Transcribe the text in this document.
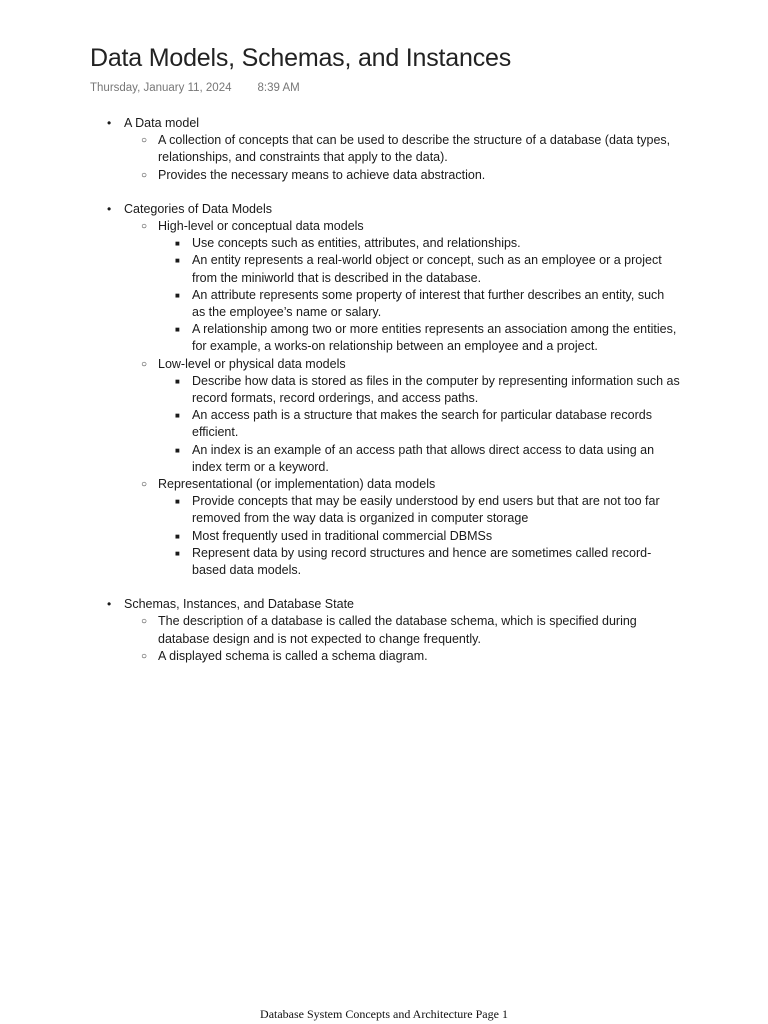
Data Models, Schemas, and Instances
Thursday, January 11, 2024 8:39 AM
• A Data model
○ A collection of concepts that can be used to describe the structure of a database (data types, relationships, and constraints that apply to the data).
○ Provides the necessary means to achieve data abstraction.
• Categories of Data Models
○ High-level or conceptual data models
■ Use concepts such as entities, attributes, and relationships.
■ An entity represents a real-world object or concept, such as an employee or a project from the miniworld that is described in the database.
■ An attribute represents some property of interest that further describes an entity, such as the employee’s name or salary.
■ A relationship among two or more entities represents an association among the entities, for example, a works-on relationship between an employee and a project.
○ Low-level or physical data models
■ Describe how data is stored as files in the computer by representing information such as record formats, record orderings, and access paths.
■ An access path is a structure that makes the search for particular database records efficient.
■ An index is an example of an access path that allows direct access to data using an index term or a keyword.
○ Representational (or implementation) data models
■ Provide concepts that may be easily understood by end users but that are not too far removed from the way data is organized in computer storage
■ Most frequently used in traditional commercial DBMSs
■ Represent data by using record structures and hence are sometimes called record-based data models.
• Schemas, Instances, and Database State
○ The description of a database is called the database schema, which is specified during database design and is not expected to change frequently.
○ A displayed schema is called a schema diagram.
Database System Concepts and Architecture Page 1
